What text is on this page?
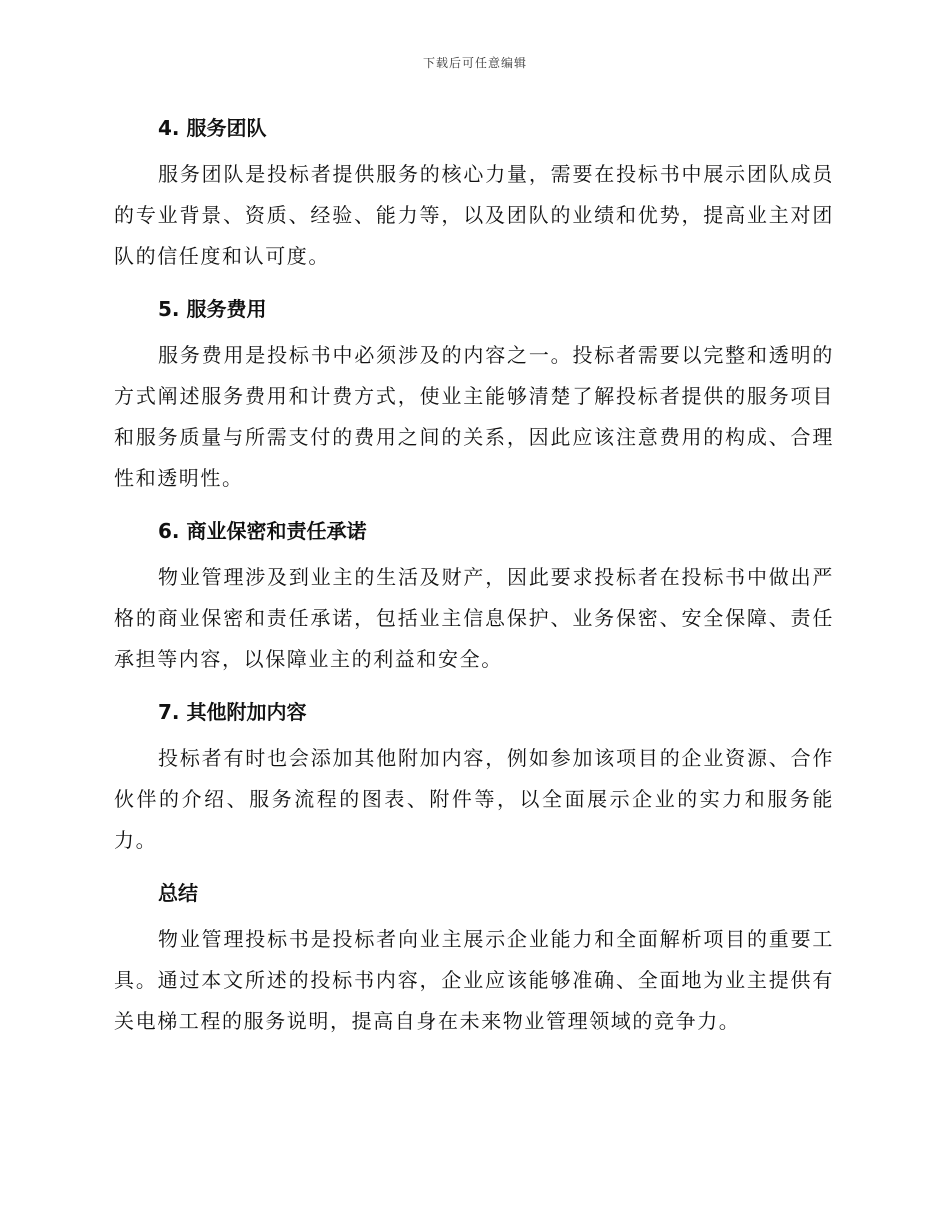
下载后可任意编辑
4. 服务团队

服务团队是投标者提供服务的核心力量，需要在投标书中展示团队成员的专业背景、资质、经验、能力等，以及团队的业绩和优势，提高业主对团队的信任度和认可度。

5. 服务费用

服务费用是投标书中必须涉及的内容之一。投标者需要以完整和透明的方式阐述服务费用和计费方式，使业主能够清楚了解投标者提供的服务项目和服务质量与所需支付的费用之间的关系，因此应该注意费用的构成、合理性和透明性。

6. 商业保密和责任承诺

物业管理涉及到业主的生活及财产，因此要求投标者在投标书中做出严格的商业保密和责任承诺，包括业主信息保护、业务保密、安全保障、责任承担等内容，以保障业主的利益和安全。

7. 其他附加内容

投标者有时也会添加其他附加内容，例如参加该项目的企业资源、合作伙伴的介绍、服务流程的图表、附件等，以全面展示企业的实力和服务能力。

总结

物业管理投标书是投标者向业主展示企业能力和全面解析项目的重要工具。通过本文所述的投标书内容，企业应该能够准确、全面地为业主提供有关电梯工程的服务说明，提高自身在未来物业管理领域的竞争力。
